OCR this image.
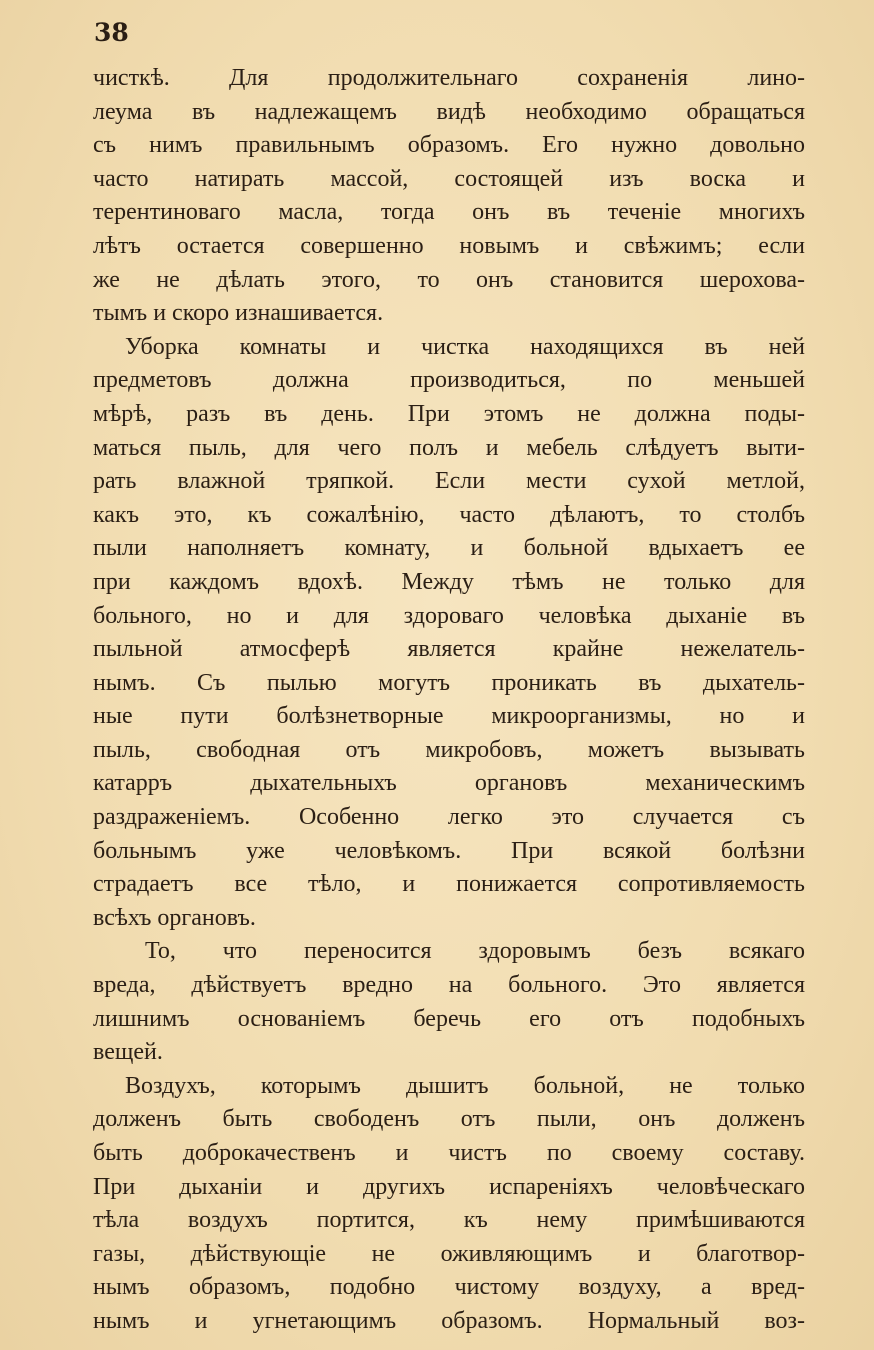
38
чисткѣ. Для продолжительнаго сохраненія лино-
леума въ надлежащемъ видѣ необходимо обращаться
съ нимъ правильнымъ образомъ. Его нужно довольно
часто натирать массой, состоящей изъ воска и
терентиноваго масла, тогда онъ въ теченіе многихъ
лѣтъ остается совершенно новымъ и свѣжимъ; если
же не дѣлать этого, то онъ становится шерохова-
тымъ и скоро изнашивается.
Уборка комнаты и чистка находящихся въ ней
предметовъ должна производиться, по меньшей
мѣрѣ, разъ въ день. При этомъ не должна поды-
маться пыль, для чего полъ и мебель слѣдуетъ выти-
рать влажной тряпкой. Если мести сухой метлой,
какъ это, къ сожалѣнію, часто дѣлаютъ, то столбъ
пыли наполняетъ комнату, и больной вдыхаетъ ее
при каждомъ вдохѣ. Между тѣмъ не только для
больного, но и для здороваго человѣка дыханіе въ
пыльной атмосферѣ является крайне нежелатель-
нымъ. Съ пылью могутъ проникать въ дыхатель-
ные пути болѣзнетворные микроорганизмы, но и
пыль, свободная отъ микробовъ, можетъ вызывать
катарръ дыхательныхъ органовъ механическимъ
раздраженіемъ. Особенно легко это случается съ
больнымъ уже человѣкомъ. При всякой болѣзни
страдаетъ все тѣло, и понижается сопротивляемость
всѣхъ органовъ.
То, что переносится здоровымъ безъ всякаго
вреда, дѣйствуетъ вредно на больного. Это является
лишнимъ основаніемъ беречь его отъ подобныхъ
вещей.
Воздухъ, которымъ дышитъ больной, не только
долженъ быть свободенъ отъ пыли, онъ долженъ
быть доброкачественъ и чистъ по своему составу.
При дыханіи и другихъ испареніяхъ человѣческаго
тѣла воздухъ портится, къ нему примѣшиваются
газы, дѣйствующіе не оживляющимъ и благотвор-
нымъ образомъ, подобно чистому воздуху, а вред-
нымъ и угнетающимъ образомъ. Нормальный воз-
